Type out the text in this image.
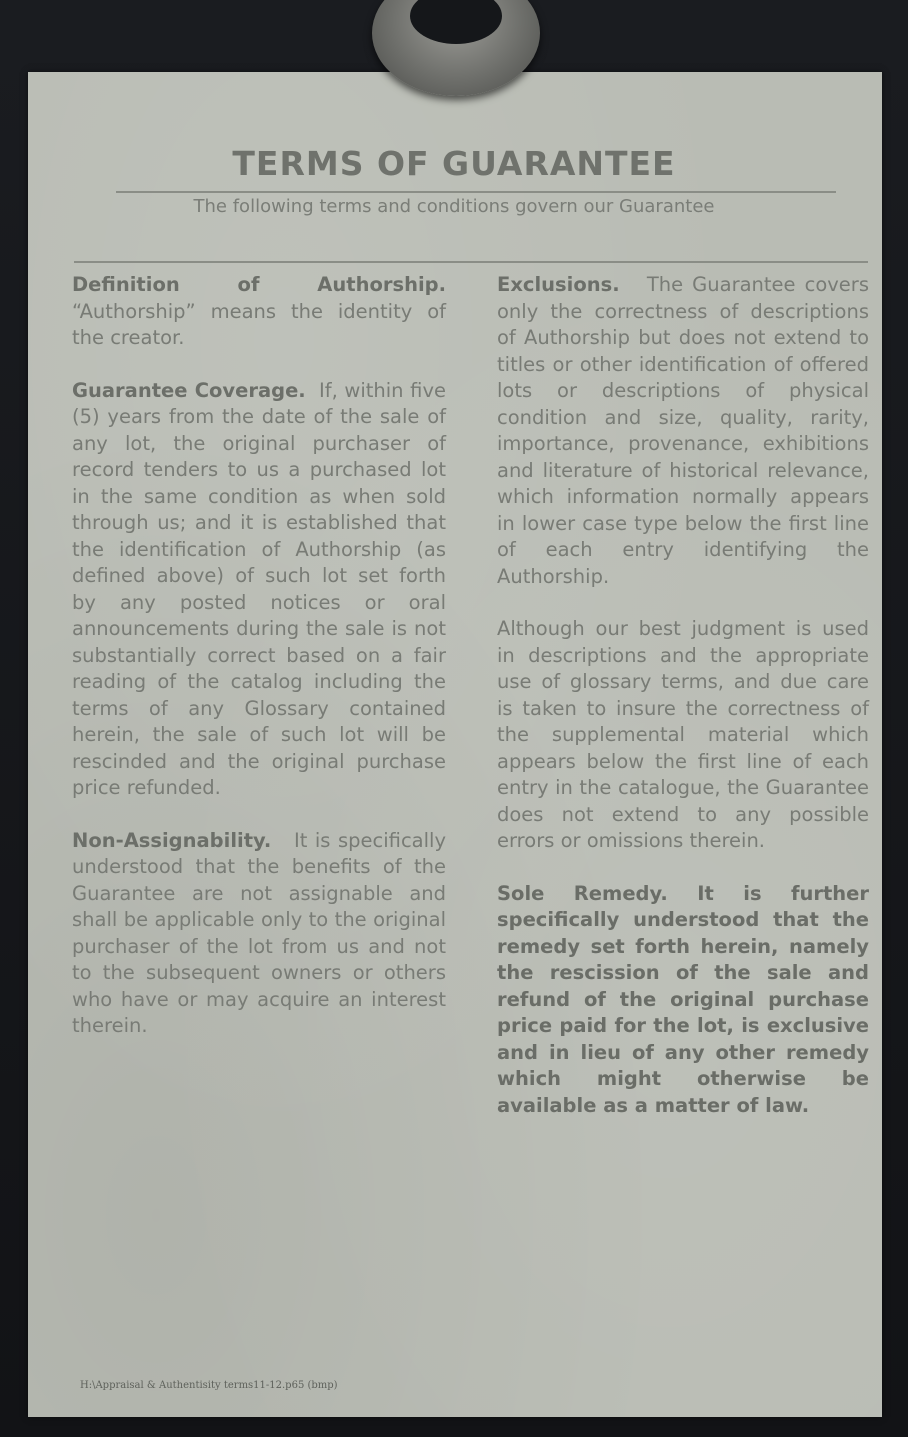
TERMS OF GUARANTEE
The following terms and conditions govern our Guarantee

Definition of Authorship. “Authorship” means the identity of the creator.

Guarantee Coverage. If, within five (5) years from the date of the sale of any lot, the original purchaser of record tenders to us a purchased lot in the same condition as when sold through us; and it is established that the identification of Authorship (as defined above) of such lot set forth by any posted notices or oral announcements during the sale is not substantially correct based on a fair reading of the catalog including the terms of any Glossary contained herein, the sale of such lot will be rescinded and the original purchase price refunded.

Non-Assignability. It is specifically understood that the benefits of the Guarantee are not assignable and shall be applicable only to the original purchaser of the lot from us and not to the subsequent owners or others who have or may acquire an interest therein.

Exclusions. The Guarantee covers only the correctness of descriptions of Authorship but does not extend to titles or other identification of offered lots or descriptions of physical condition and size, quality, rarity, importance, provenance, exhibitions and literature of historical relevance, which information normally appears in lower case type below the first line of each entry identifying the Authorship.

Although our best judgment is used in descriptions and the appropriate use of glossary terms, and due care is taken to insure the correctness of the supplemental material which appears below the first line of each entry in the catalogue, the Guarantee does not extend to any possible errors or omissions therein.

Sole Remedy. It is further specifically understood that the remedy set forth herein, namely the rescission of the sale and refund of the original purchase price paid for the lot, is exclusive and in lieu of any other remedy which might otherwise be available as a matter of law.

H:\Appraisal & Authentisity terms11-12.p65 (bmp)
